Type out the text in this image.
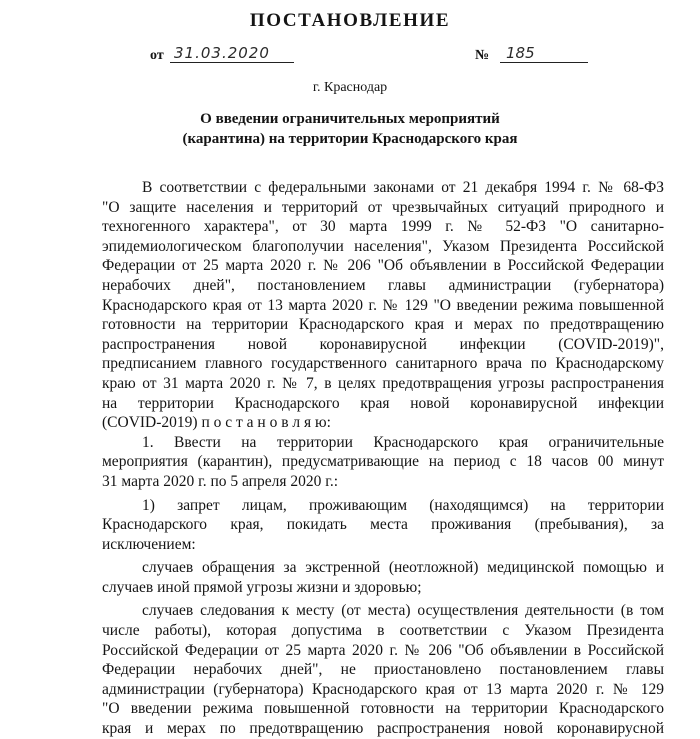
ПОСТАНОВЛЕНИЕ
от 31.03.2020	№	185
г. Краснодар
О введении ограничительных мероприятий
(карантина) на территории Краснодарского края
В соответствии с федеральными законами от 21 декабря 1994 г. № 68-ФЗ
"О защите населения и территорий от чрезвычайных ситуаций природного и
техногенного характера", от 30 марта 1999 г. № 52-ФЗ "О санитарно-
эпидемиологическом благополучии населения", Указом Президента Российской
Федерации от 25 марта 2020 г. № 206 "Об объявлении в Российской Федерации
нерабочих дней", постановлением главы администрации (губернатора)
Краснодарского края от 13 марта 2020 г. № 129 "О введении режима повышенной
готовности на территории Краснодарского края и мерах по предотвращению
распространения новой коронавирусной инфекции (COVID-2019)",
предписанием главного государственного санитарного врача по Краснодарскому
краю от 31 марта 2020 г. № 7, в целях предотвращения угрозы распространения
на территории Краснодарского края новой коронавирусной инфекции
(COVID-2019) п о с т а н о в л я ю:
1. Ввести на территории Краснодарского края ограничительные
мероприятия (карантин), предусматривающие на период с 18 часов 00 минут
31 марта 2020 г. по 5 апреля 2020 г.:
1) запрет лицам, проживающим (находящимся) на территории
Краснодарского края, покидать места проживания (пребывания), за
исключением:
случаев обращения за экстренной (неотложной) медицинской помощью и
случаев иной прямой угрозы жизни и здоровью;
случаев следования к месту (от места) осуществления деятельности (в том
числе работы), которая допустима в соответствии с Указом Президента
Российской Федерации от 25 марта 2020 г. № 206 "Об объявлении в Российской
Федерации нерабочих дней", не приостановлено постановлением главы
администрации (губернатора) Краснодарского края от 13 марта 2020 г. № 129
"О введении режима повышенной готовности на территории Краснодарского
края и мерах по предотвращению распространения новой коронавирусной
